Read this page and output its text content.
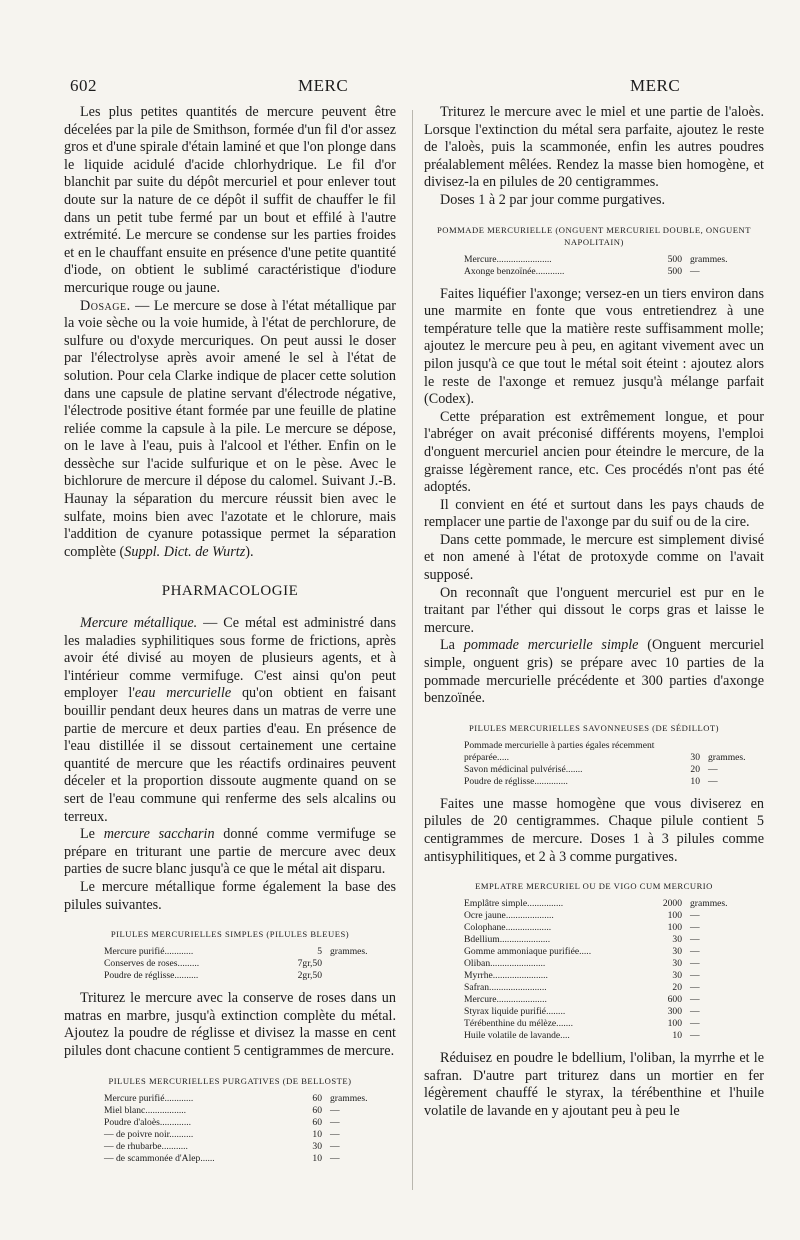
602	MERC	MERC

Les plus petites quantités de mercure peuvent être décelées par la pile de Smithson, formée d'un fil d'or assez gros et d'une spirale d'étain laminé et que l'on plonge dans le liquide acidulé d'acide chlorhydrique. Le fil d'or blanchit par suite du dépôt mercuriel et pour enlever tout doute sur la nature de ce dépôt il suffit de chauffer le fil dans un petit tube fermé par un bout et effilé à l'autre extrémité. Le mercure se condense sur les parties froides et en le chauffant ensuite en présence d'une petite quantité d'iode, on obtient le sublimé caractéristique d'iodure mercurique rouge ou jaune.

Dosage. — Le mercure se dose à l'état métallique par la voie sèche ou la voie humide, à l'état de perchlorure, de sulfure ou d'oxyde mercuriques. On peut aussi le doser par l'électrolyse après avoir amené le sel à l'état de solution. Pour cela Clarke indique de placer cette solution dans une capsule de platine servant d'électrode négative, l'électrode positive étant formée par une feuille de platine reliée comme la capsule à la pile. Le mercure se dépose, on le lave à l'eau, puis à l'alcool et l'éther. Enfin on le dessèche sur l'acide sulfurique et on le pèse. Avec le bichlorure de mercure il dépose du calomel. Suivant J.-B. Haunay la séparation du mercure réussit bien avec le sulfate, moins bien avec l'azotate et le chlorure, mais l'addition de cyanure potassique permet la séparation complète (Suppl. Dict. de Wurtz).

PHARMACOLOGIE

Mercure métallique. — Ce métal est administré dans les maladies syphilitiques sous forme de frictions, après avoir été divisé au moyen de plusieurs agents, et à l'intérieur comme vermifuge. C'est ainsi qu'on peut employer l'eau mercurielle qu'on obtient en faisant bouillir pendant deux heures dans un matras de verre une partie de mercure et deux parties d'eau. En présence de l'eau distillée il se dissout certainement une certaine quantité de mercure que les réactifs ordinaires peuvent déceler et la proportion dissoute augmente quand on se sert de l'eau commune qui renferme des sels alcalins ou terreux.

Le mercure saccharin donné comme vermifuge se prépare en triturant une partie de mercure avec deux parties de sucre blanc jusqu'à ce que le métal ait disparu.

Le mercure métallique forme également la base des pilules suivantes.

PILULES MERCURIELLES SIMPLES (PILULES BLEUES)
Mercure purifié............	5	grammes.
Conserves de roses.........	7gr,50	
Poudre de réglisse..........	2gr,50	

Triturez le mercure avec la conserve de roses dans un matras en marbre, jusqu'à extinction complète du métal. Ajoutez la poudre de réglisse et divisez la masse en cent pilules dont chacune contient 5 centigrammes de mercure.

PILULES MERCURIELLES PURGATIVES (DE BELLOSTE)
Mercure purifié............	60	grammes.
Miel blanc.................	60	—
Poudre d'aloès.............	60	—
— de poivre noir..........	10	—
— de rhubarbe...........	30	—
— de scammonée d'Alep......	10	—

Triturez le mercure avec le miel et une partie de l'aloès. Lorsque l'extinction du métal sera parfaite, ajoutez le reste de l'aloès, puis la scammonée, enfin les autres poudres préalablement mêlées. Rendez la masse bien homogène, et divisez-la en pilules de 20 centigrammes.

Doses 1 à 2 par jour comme purgatives.

POMMADE MERCURIELLE (ONGUENT MERCURIEL DOUBLE, ONGUENT NAPOLITAIN)
Mercure.......................	500	grammes.
Axonge benzoïnée............	500	—

Faites liquéfier l'axonge; versez-en un tiers environ dans une marmite en fonte que vous entretiendrez à une température telle que la matière reste suffisamment molle; ajoutez le mercure peu à peu, en agitant vivement avec un pilon jusqu'à ce que tout le métal soit éteint : ajoutez alors le reste de l'axonge et remuez jusqu'à mélange parfait (Codex).

Cette préparation est extrêmement longue, et pour l'abréger on avait préconisé différents moyens, l'emploi d'onguent mercuriel ancien pour éteindre le mercure, de la graisse légèrement rance, etc. Ces procédés n'ont pas été adoptés.

Il convient en été et surtout dans les pays chauds de remplacer une partie de l'axonge par du suif ou de la cire.

Dans cette pommade, le mercure est simplement divisé et non amené à l'état de protoxyde comme on l'avait supposé.

On reconnaît que l'onguent mercuriel est pur en le traitant par l'éther qui dissout le corps gras et laisse le mercure.

La pommade mercurielle simple (Onguent mercuriel simple, onguent gris) se prépare avec 10 parties de la pommade mercurielle précédente et 300 parties d'axonge benzoïnée.

PILULES MERCURIELLES SAVONNEUSES (DE SÉDILLOT)
Pommade mercurielle à parties égales récemment préparée.....	30	grammes.
Savon médicinal pulvérisé.......	20	—
Poudre de réglisse..............	10	—

Faites une masse homogène que vous diviserez en pilules de 20 centigrammes. Chaque pilule contient 5 centigrammes de mercure. Doses 1 à 3 pilules comme antisyphilitiques, et 2 à 3 comme purgatives.

EMPLATRE MERCURIEL OU DE VIGO CUM MERCURIO
Emplâtre simple...............	2000	grammes.
Ocre jaune....................	100	—
Colophane...................	100	—
Bdellium.....................	30	—
Gomme ammoniaque purifiée.....	30	—
Oliban.......................	30	—
Myrrhe.......................	30	—
Safran........................	20	—
Mercure.....................	600	—
Styrax liquide purifié........	300	—
Térébenthine du mélèze.......	100	—
Huile volatile de lavande....	10	—

Réduisez en poudre le bdellium, l'oliban, la myrrhe et le safran. D'autre part triturez dans un mortier en fer légèrement chauffé le styrax, la térébenthine et l'huile volatile de lavande en y ajoutant peu à peu le
